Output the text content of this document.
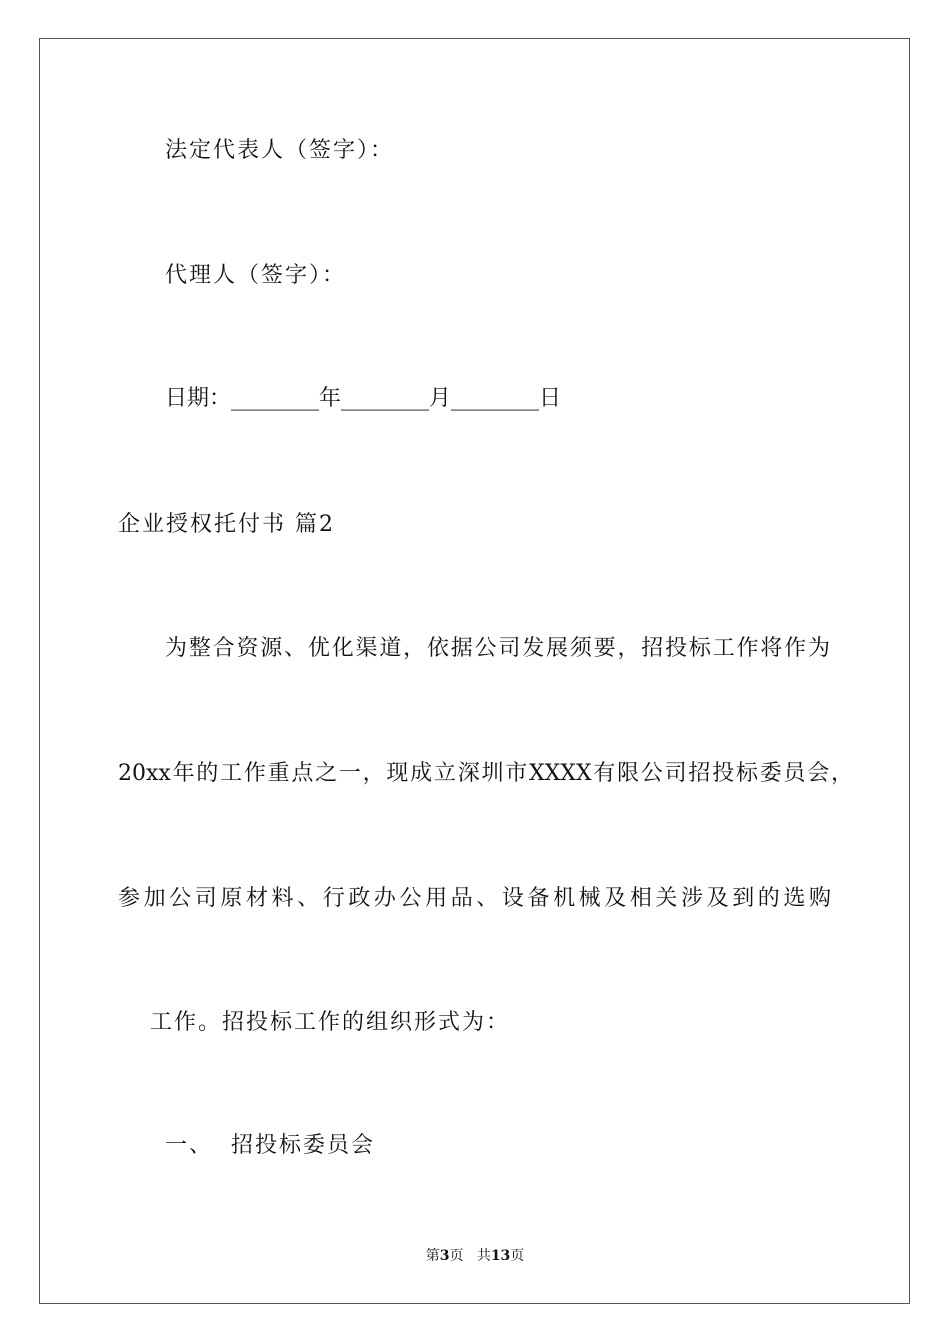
法定代表人（签字）：
代理人（签字）：
日期：________年________月________日
企业授权托付书 篇2
为整合资源、优化渠道，依据公司发展须要，招投标工作将作为
20xx年的工作重点之一，现成立深圳市XXXX有限公司招投标委员会，
参加公司原材料、行政办公用品、设备机械及相关涉及到的选购
工作。招投标工作的组织形式为：
一、  招投标委员会
第3页 共13页
